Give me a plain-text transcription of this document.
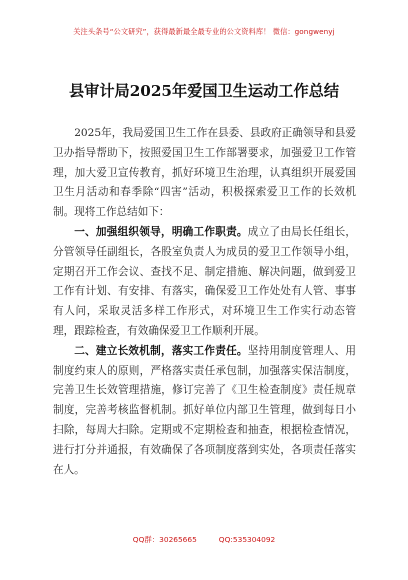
关注头条号“公文研究”，获得最新最全最专业的公文资料库！ 微信：gongwenyj
县审计局2025年爱国卫生运动工作总结

2025年，我局爱国卫生工作在县委、县政府正确领导和县爱卫办指导帮助下，按照爱国卫生工作部署要求，加强爱卫工作管理，加大爱卫宣传教育，抓好环境卫生治理，认真组织开展爱国卫生月活动和春季除“四害”活动，积极探索爱卫工作的长效机制。现将工作总结如下：

一、加强组织领导，明确工作职责。成立了由局长任组长，分管领导任副组长，各股室负责人为成员的爱卫工作领导小组，定期召开工作会议、查找不足、制定措施、解决问题，做到爱卫工作有计划、有安排、有落实，确保爱卫工作处处有人管、事事有人问，采取灵活多样工作形式，对环境卫生工作实行动态管理，跟踪检查，有效确保爱卫工作顺利开展。

二、建立长效机制，落实工作责任。坚持用制度管理人、用制度约束人的原则，严格落实责任承包制，加强落实保洁制度，完善卫生长效管理措施，修订完善了《卫生检查制度》责任规章制度，完善考核监督机制。抓好单位内部卫生管理，做到每日小扫除，每周大扫除。定期或不定期检查和抽查，根据检查情况，进行打分并通报，有效确保了各项制度落到实处，各项责任落实在人。

QQ群：30265665	QQ:535304092
